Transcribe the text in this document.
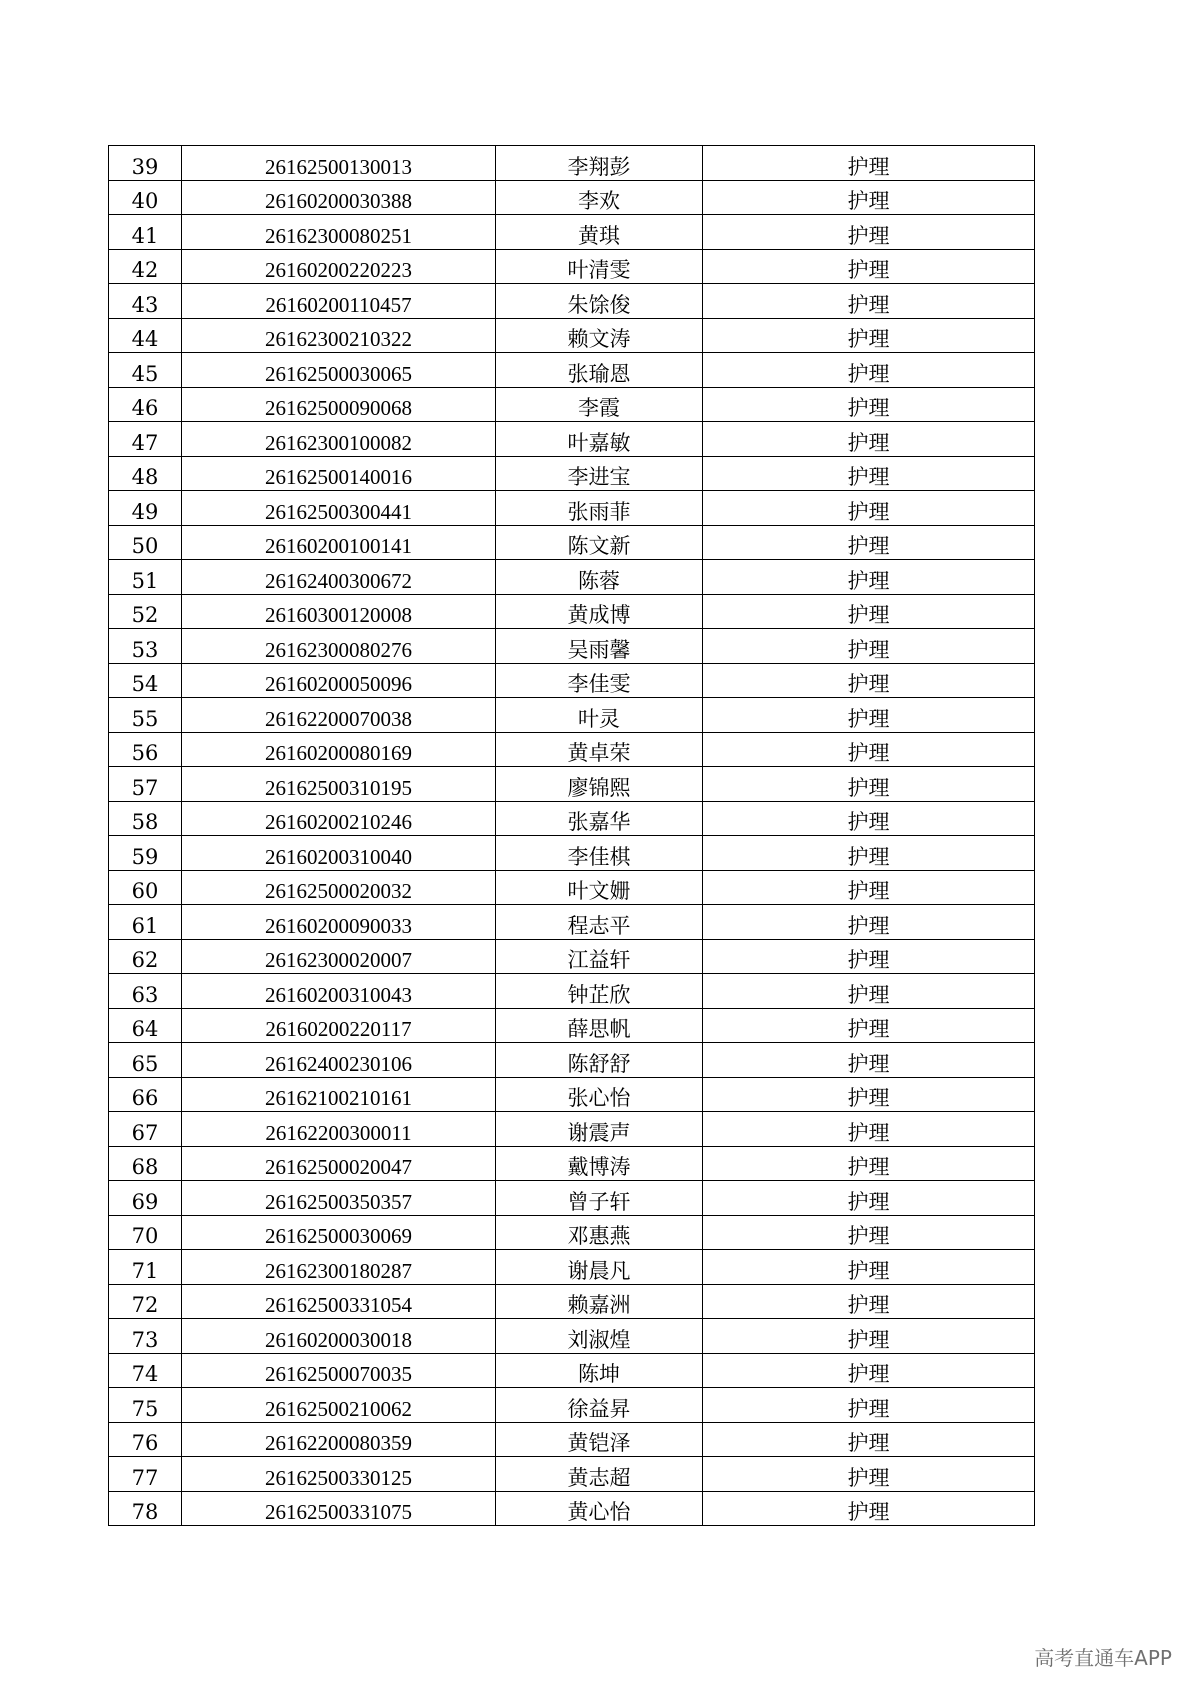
39	26162500130013	李翔彭	护理
40	26160200030388	李欢	护理
41	26162300080251	黄琪	护理
42	26160200220223	叶清雯	护理
43	26160200110457	朱馀俊	护理
44	26162300210322	赖文涛	护理
45	26162500030065	张瑜恩	护理
46	26162500090068	李霞	护理
47	26162300100082	叶嘉敏	护理
48	26162500140016	李进宝	护理
49	26162500300441	张雨菲	护理
50	26160200100141	陈文新	护理
51	26162400300672	陈蓉	护理
52	26160300120008	黄成博	护理
53	26162300080276	吴雨馨	护理
54	26160200050096	李佳雯	护理
55	26162200070038	叶灵	护理
56	26160200080169	黄卓荣	护理
57	26162500310195	廖锦熙	护理
58	26160200210246	张嘉华	护理
59	26160200310040	李佳棋	护理
60	26162500020032	叶文姗	护理
61	26160200090033	程志平	护理
62	26162300020007	江益轩	护理
63	26160200310043	钟芷欣	护理
64	26160200220117	薛思帆	护理
65	26162400230106	陈舒舒	护理
66	26162100210161	张心怡	护理
67	26162200300011	谢震声	护理
68	26162500020047	戴博涛	护理
69	26162500350357	曾子轩	护理
70	26162500030069	邓惠燕	护理
71	26162300180287	谢晨凡	护理
72	26162500331054	赖嘉洲	护理
73	26160200030018	刘淑煌	护理
74	26162500070035	陈坤	护理
75	26162500210062	徐益昇	护理
76	26162200080359	黄铠泽	护理
77	26162500330125	黄志超	护理
78	26162500331075	黄心怡	护理
高考直通车APP
